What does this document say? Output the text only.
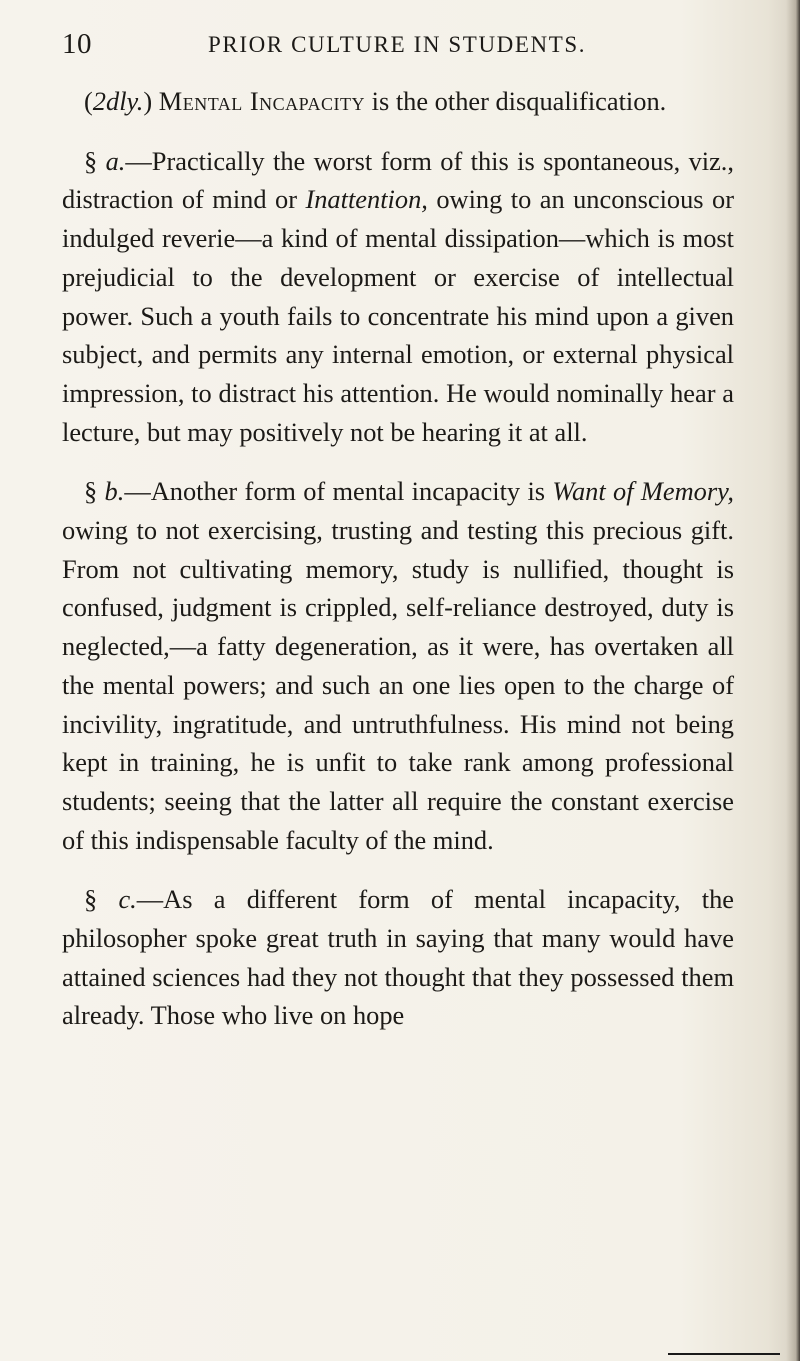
10	PRIOR CULTURE IN STUDENTS.

(2dly.) Mental Incapacity is the other disqualification.

§ a.—Practically the worst form of this is spontaneous, viz., distraction of mind or Inattention, owing to an unconscious or indulged reverie—a kind of mental dissipation—which is most prejudicial to the development or exercise of intellectual power. Such a youth fails to concentrate his mind upon a given subject, and permits any internal emotion, or external physical impression, to distract his attention. He would nominally hear a lecture, but may positively not be hearing it at all.

§ b.—Another form of mental incapacity is Want of Memory, owing to not exercising, trusting and testing this precious gift. From not cultivating memory, study is nullified, thought is confused, judgment is crippled, self-reliance destroyed, duty is neglected,—a fatty degeneration, as it were, has overtaken all the mental powers; and such an one lies open to the charge of incivility, ingratitude, and untruthfulness. His mind not being kept in training, he is unfit to take rank among professional students; seeing that the latter all require the constant exercise of this indispensable faculty of the mind.

§ c.—As a different form of mental incapacity, the philosopher spoke great truth in saying that many would have attained sciences had they not thought that they possessed them already. Those who live on hope
